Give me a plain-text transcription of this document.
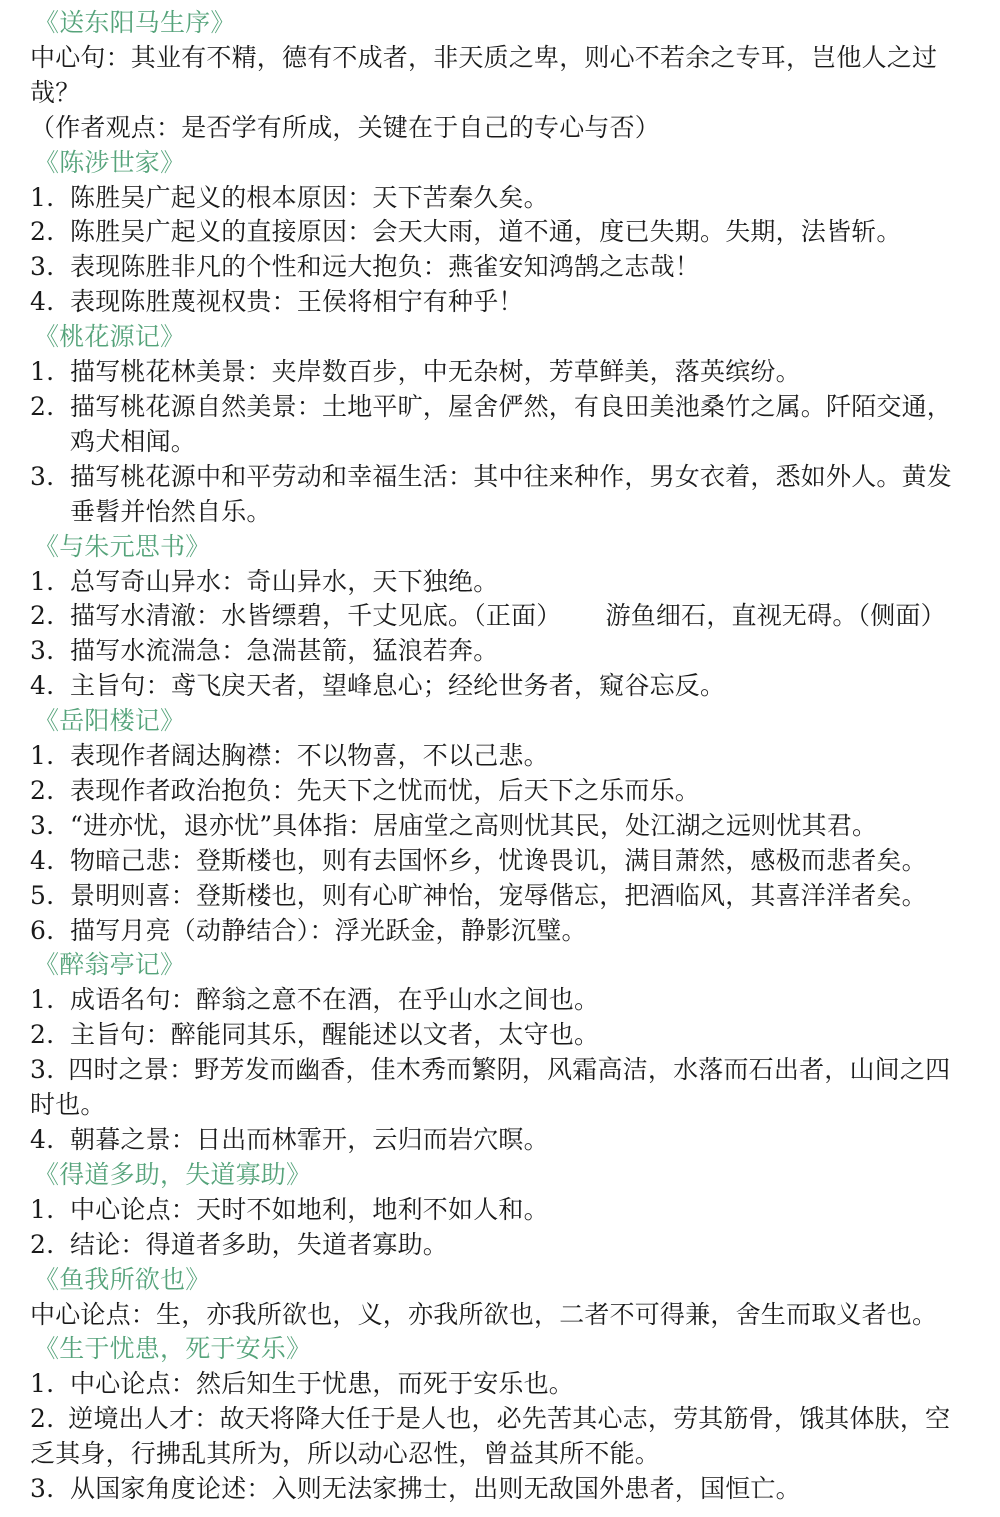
《送东阳马生序》
中心句：其业有不精，德有不成者，非天质之卑，则心不若余之专耳，岂他人之过哉？
（作者观点：是否学有所成，关键在于自己的专心与否）
《陈涉世家》
1. 陈胜吴广起义的根本原因：天下苦秦久矣。
2. 陈胜吴广起义的直接原因：会天大雨，道不通，度已失期。失期，法皆斩。
3. 表现陈胜非凡的个性和远大抱负：燕雀安知鸿鹄之志哉！
4. 表现陈胜蔑视权贵：王侯将相宁有种乎！
《桃花源记》
1. 描写桃花林美景：夹岸数百步，中无杂树，芳草鲜美，落英缤纷。
2. 描写桃花源自然美景：土地平旷，屋舍俨然，有良田美池桑竹之属。阡陌交通，鸡犬相闻。
3. 描写桃花源中和平劳动和幸福生活：其中往来种作，男女衣着，悉如外人。黄发垂髫并怡然自乐。
《与朱元思书》
1. 总写奇山异水：奇山异水，天下独绝。
2. 描写水清澈：水皆缥碧，千丈见底。（正面） 游鱼细石，直视无碍。（侧面）
3. 描写水流湍急：急湍甚箭，猛浪若奔。
4. 主旨句：鸢飞戾天者，望峰息心；经纶世务者，窥谷忘反。
《岳阳楼记》
1. 表现作者阔达胸襟：不以物喜，不以己悲。
2. 表现作者政治抱负：先天下之忧而忧，后天下之乐而乐。
3. “进亦忧，退亦忧”具体指：居庙堂之高则忧其民，处江湖之远则忧其君。
4. 物暗己悲：登斯楼也，则有去国怀乡，忧谗畏讥，满目萧然，感极而悲者矣。
5. 景明则喜：登斯楼也，则有心旷神怡，宠辱偕忘，把酒临风，其喜洋洋者矣。
6. 描写月亮（动静结合）：浮光跃金，静影沉璧。
《醉翁亭记》
1. 成语名句：醉翁之意不在酒，在乎山水之间也。
2. 主旨句：醉能同其乐，醒能述以文者，太守也。
3. 四时之景：野芳发而幽香，佳木秀而繁阴，风霜高洁，水落而石出者，山间之四时也。
4. 朝暮之景：日出而林霏开，云归而岩穴暝。
《得道多助，失道寡助》
1. 中心论点：天时不如地利，地利不如人和。
2. 结论：得道者多助，失道者寡助。
《鱼我所欲也》
中心论点：生，亦我所欲也，义，亦我所欲也，二者不可得兼，舍生而取义者也。
《生于忧患，死于安乐》
1. 中心论点：然后知生于忧患，而死于安乐也。
2. 逆境出人才：故天将降大任于是人也，必先苦其心志，劳其筋骨，饿其体肤，空乏其身，行拂乱其所为，所以动心忍性，曾益其所不能。
3. 从国家角度论述：入则无法家拂士，出则无敌国外患者，国恒亡。
